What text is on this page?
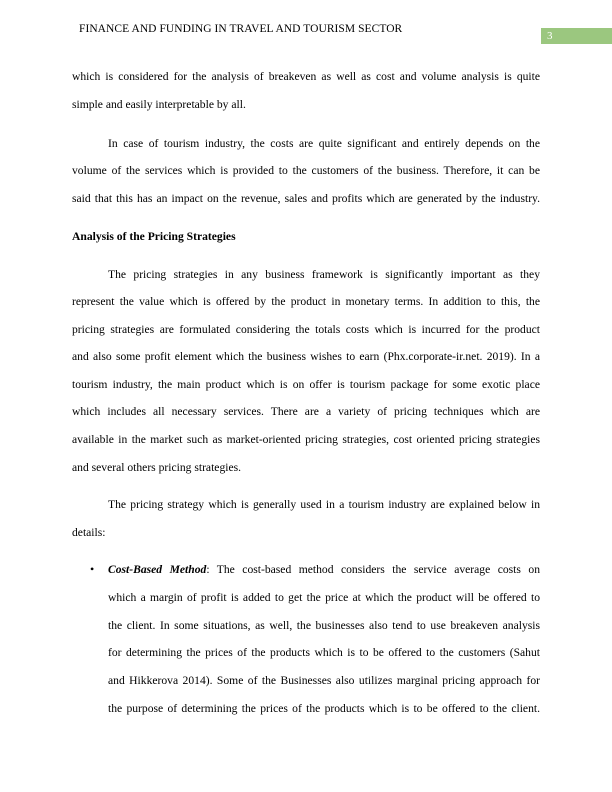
FINANCE AND FUNDING IN TRAVEL AND TOURISM SECTOR
3
which is considered for the analysis of breakeven as well as cost and volume analysis is quite
simple and easily interpretable by all.
In case of tourism industry, the costs are quite significant and entirely depends on the
volume of the services which is provided to the customers of the business. Therefore, it can be
said that this has an impact on the revenue, sales and profits which are generated by the industry.
Analysis of the Pricing Strategies
The pricing strategies in any business framework is significantly important as they
represent the value which is offered by the product in monetary terms. In addition to this, the
pricing strategies are formulated considering the totals costs which is incurred for the product
and also some profit element which the business wishes to earn (Phx.corporate-ir.net. 2019). In a
tourism industry, the main product which is on offer is tourism package for some exotic place
which includes all necessary services. There are a variety of pricing techniques which are
available in the market such as market-oriented pricing strategies, cost oriented pricing strategies
and several others pricing strategies.
The pricing strategy which is generally used in a tourism industry are explained below in
details:
• Cost-Based Method: The cost-based method considers the service average costs on
which a margin of profit is added to get the price at which the product will be offered to
the client. In some situations, as well, the businesses also tend to use breakeven analysis
for determining the prices of the products which is to be offered to the customers (Sahut
and Hikkerova 2014). Some of the Businesses also utilizes marginal pricing approach for
the purpose of determining the prices of the products which is to be offered to the client.
